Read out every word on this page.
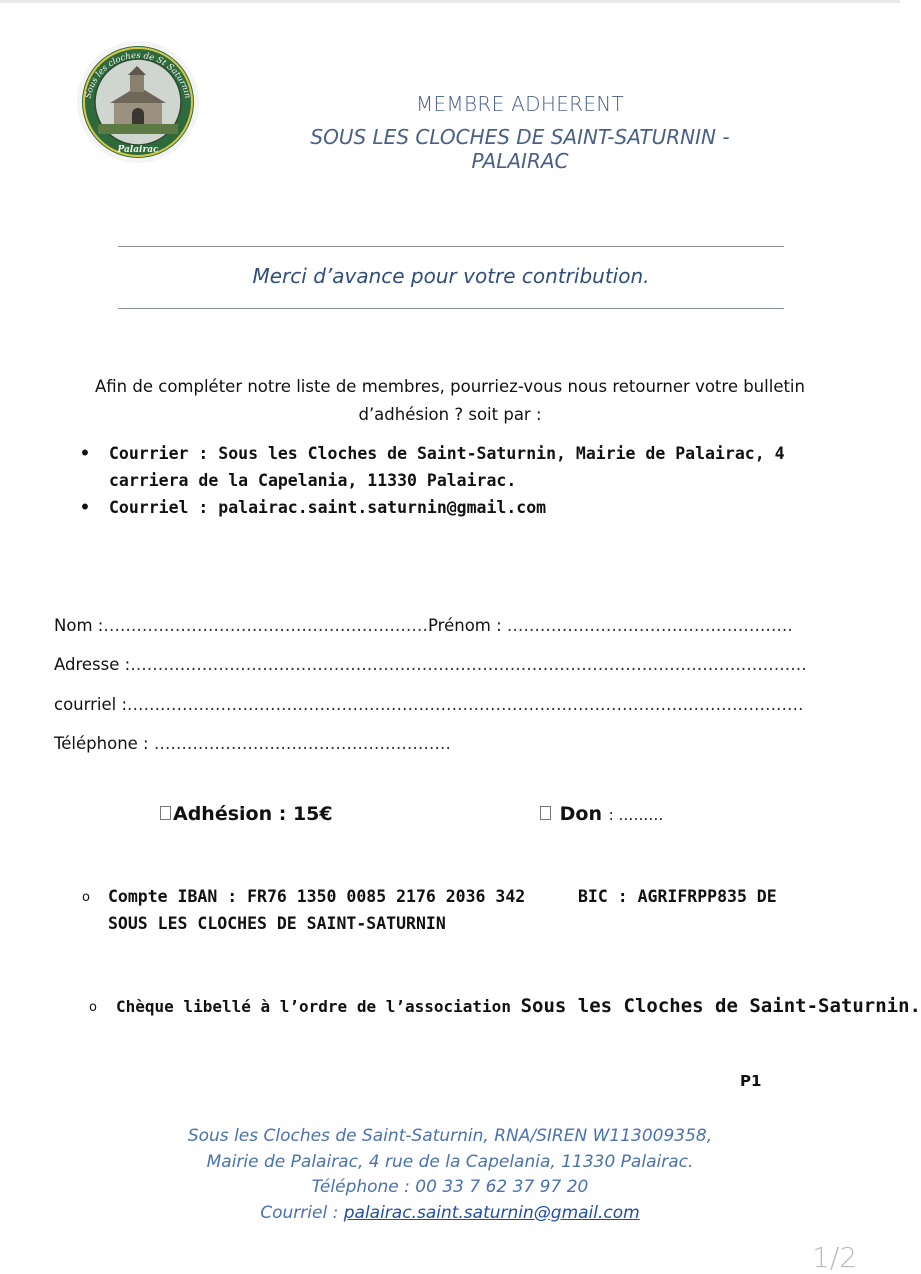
Sous les cloches de St Saturnin
Palairac
MEMBRE ADHERENT
SOUS LES CLOCHES DE SAINT-SATURNIN - PALAIRAC
Merci d’avance pour votre contribution.
Afin de compléter notre liste de membres, pourriez-vous nous retourner votre bulletin d’adhésion ? soit par :
• Courrier : Sous les Cloches de Saint-Saturnin, Mairie de Palairac, 4 carriera de la Capelania, 11330 Palairac.
• Courriel : palairac.saint.saturnin@gmail.com
Nom :……………………………………………………
Prénom : …………………………………………….
Adresse :……………………………………………………………………………………………………………
courriel :……………………………………………………………………………………………………………
Téléphone : ………………………………………………
Adhésion : 15€	Don : ………
o Compte IBAN : FR76 1350 0085 2176 2036 342	BIC : AGRIFRPP835 DE
SOUS LES CLOCHES DE SAINT-SATURNIN
o Chèque libellé à l’ordre de l’association Sous les Cloches de Saint-Saturnin.
P1
Sous les Cloches de Saint-Saturnin, RNA/SIREN W113009358,
Mairie de Palairac, 4 rue de la Capelania, 11330 Palairac.
Téléphone : 00 33 7 62 37 97 20
Courriel : palairac.saint.saturnin@gmail.com
1/2
